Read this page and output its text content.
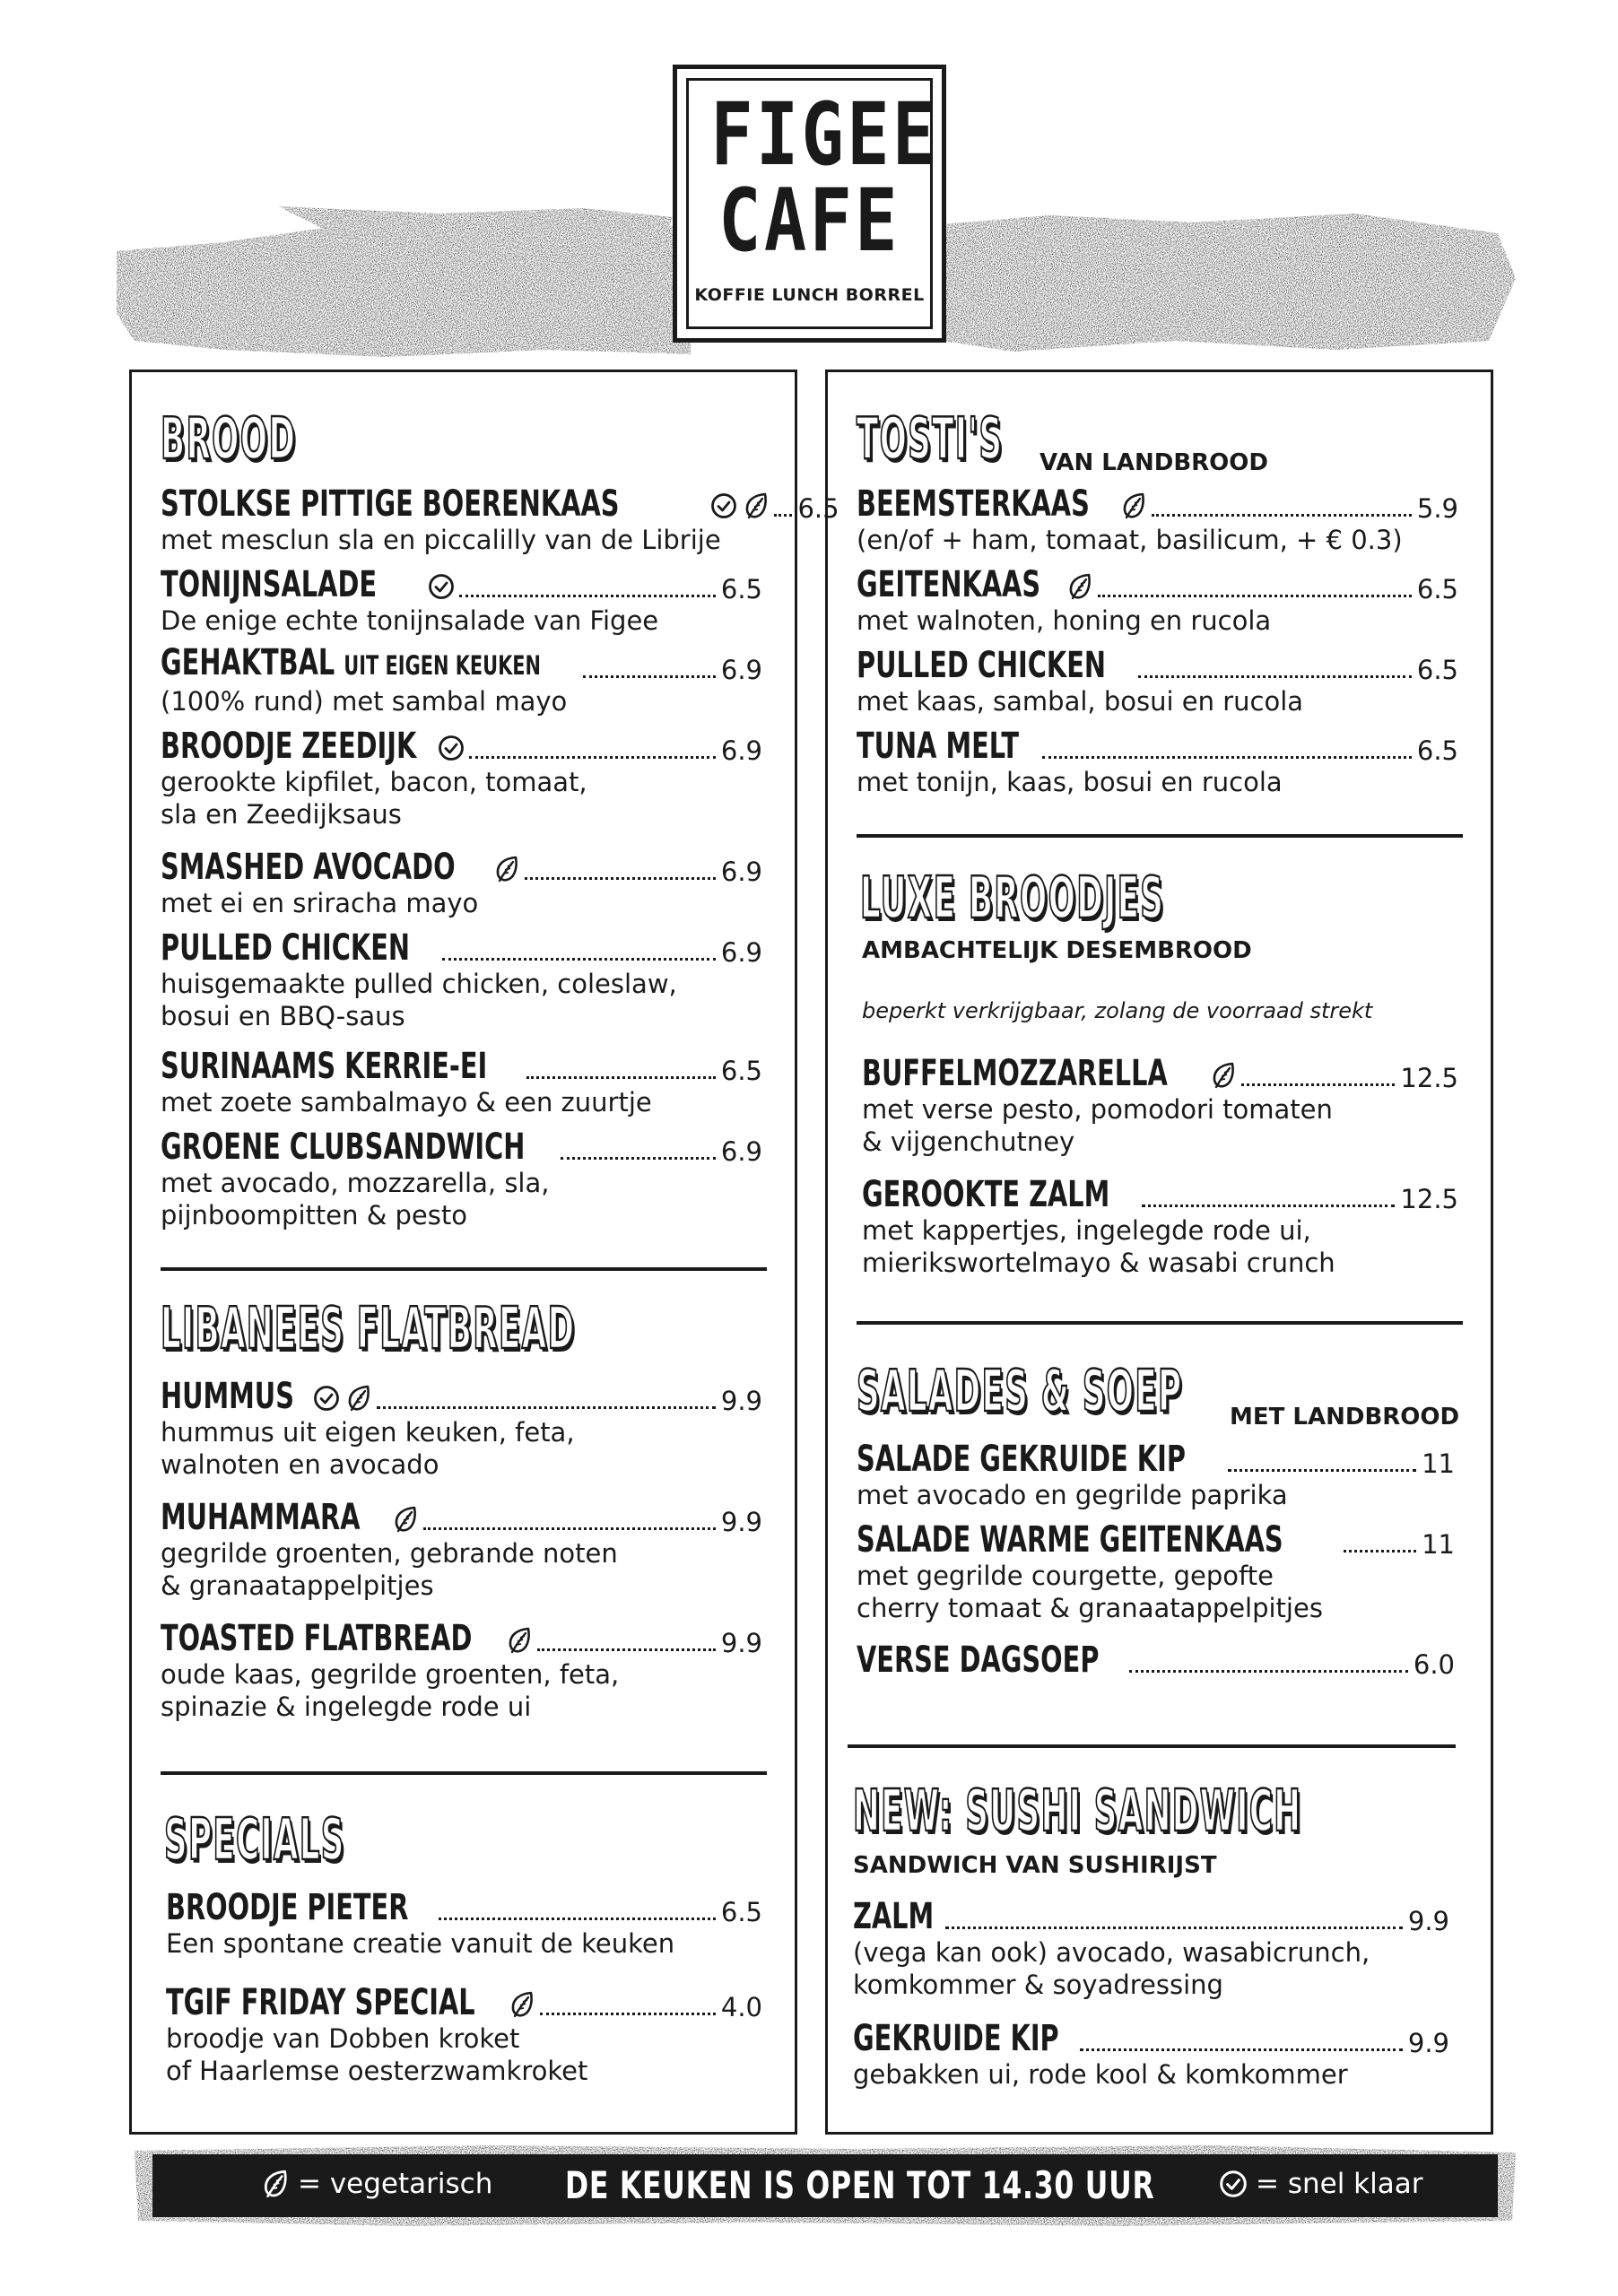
FIGEE
CAFE
KOFFIE LUNCH BORREL
BROOD
STOLKSE PITTIGE BOERENKAAS	6.5
met mesclun sla en piccalilly van de Librije
TONIJNSALADE	6.5
De enige echte tonijnsalade van Figee
GEHAKTBAL UIT EIGEN KEUKEN	6.9
(100% rund) met sambal mayo
BROODJE ZEEDIJK	6.9
gerookte kipfilet, bacon, tomaat,
sla en Zeedijksaus
SMASHED AVOCADO	6.9
met ei en sriracha mayo
PULLED CHICKEN	6.9
huisgemaakte pulled chicken, coleslaw,
bosui en BBQ-saus
SURINAAMS KERRIE-EI	6.5
met zoete sambalmayo & een zuurtje
GROENE CLUBSANDWICH	6.9
met avocado, mozzarella, sla,
pijnboompitten & pesto
LIBANEES FLATBREAD
HUMMUS	9.9
hummus uit eigen keuken, feta,
walnoten en avocado
MUHAMMARA	9.9
gegrilde groenten, gebrande noten
& granaatappelpitjes
TOASTED FLATBREAD	9.9
oude kaas, gegrilde groenten, feta,
spinazie & ingelegde rode ui
SPECIALS
BROODJE PIETER	6.5
Een spontane creatie vanuit de keuken
TGIF FRIDAY SPECIAL	4.0
broodje van Dobben kroket
of Haarlemse oesterzwamkroket
TOSTI'S VAN LANDBROOD
BEEMSTERKAAS	5.9
(en/of + ham, tomaat, basilicum, + € 0.3)
GEITENKAAS	6.5
met walnoten, honing en rucola
PULLED CHICKEN	6.5
met kaas, sambal, bosui en rucola
TUNA MELT	6.5
met tonijn, kaas, bosui en rucola
LUXE BROODJES
AMBACHTELIJK DESEMBROOD
beperkt verkrijgbaar, zolang de voorraad strekt
BUFFELMOZZARELLA	12.5
met verse pesto, pomodori tomaten
& vijgenchutney
GEROOKTE ZALM	12.5
met kappertjes, ingelegde rode ui,
mierikswortelmayo & wasabi crunch
SALADES & SOEP MET LANDBROOD
SALADE GEKRUIDE KIP	11
met avocado en gegrilde paprika
SALADE WARME GEITENKAAS	11
met gegrilde courgette, gepofte
cherry tomaat & granaatappelpitjes
VERSE DAGSOEP	6.0
NEW: SUSHI SANDWICH
SANDWICH VAN SUSHIRIJST
ZALM	9.9
(vega kan ook) avocado, wasabicrunch,
komkommer & soyadressing
GEKRUIDE KIP	9.9
gebakken ui, rode kool & komkommer
= vegetarisch DE KEUKEN IS OPEN TOT 14.30 UUR	= snel klaar
